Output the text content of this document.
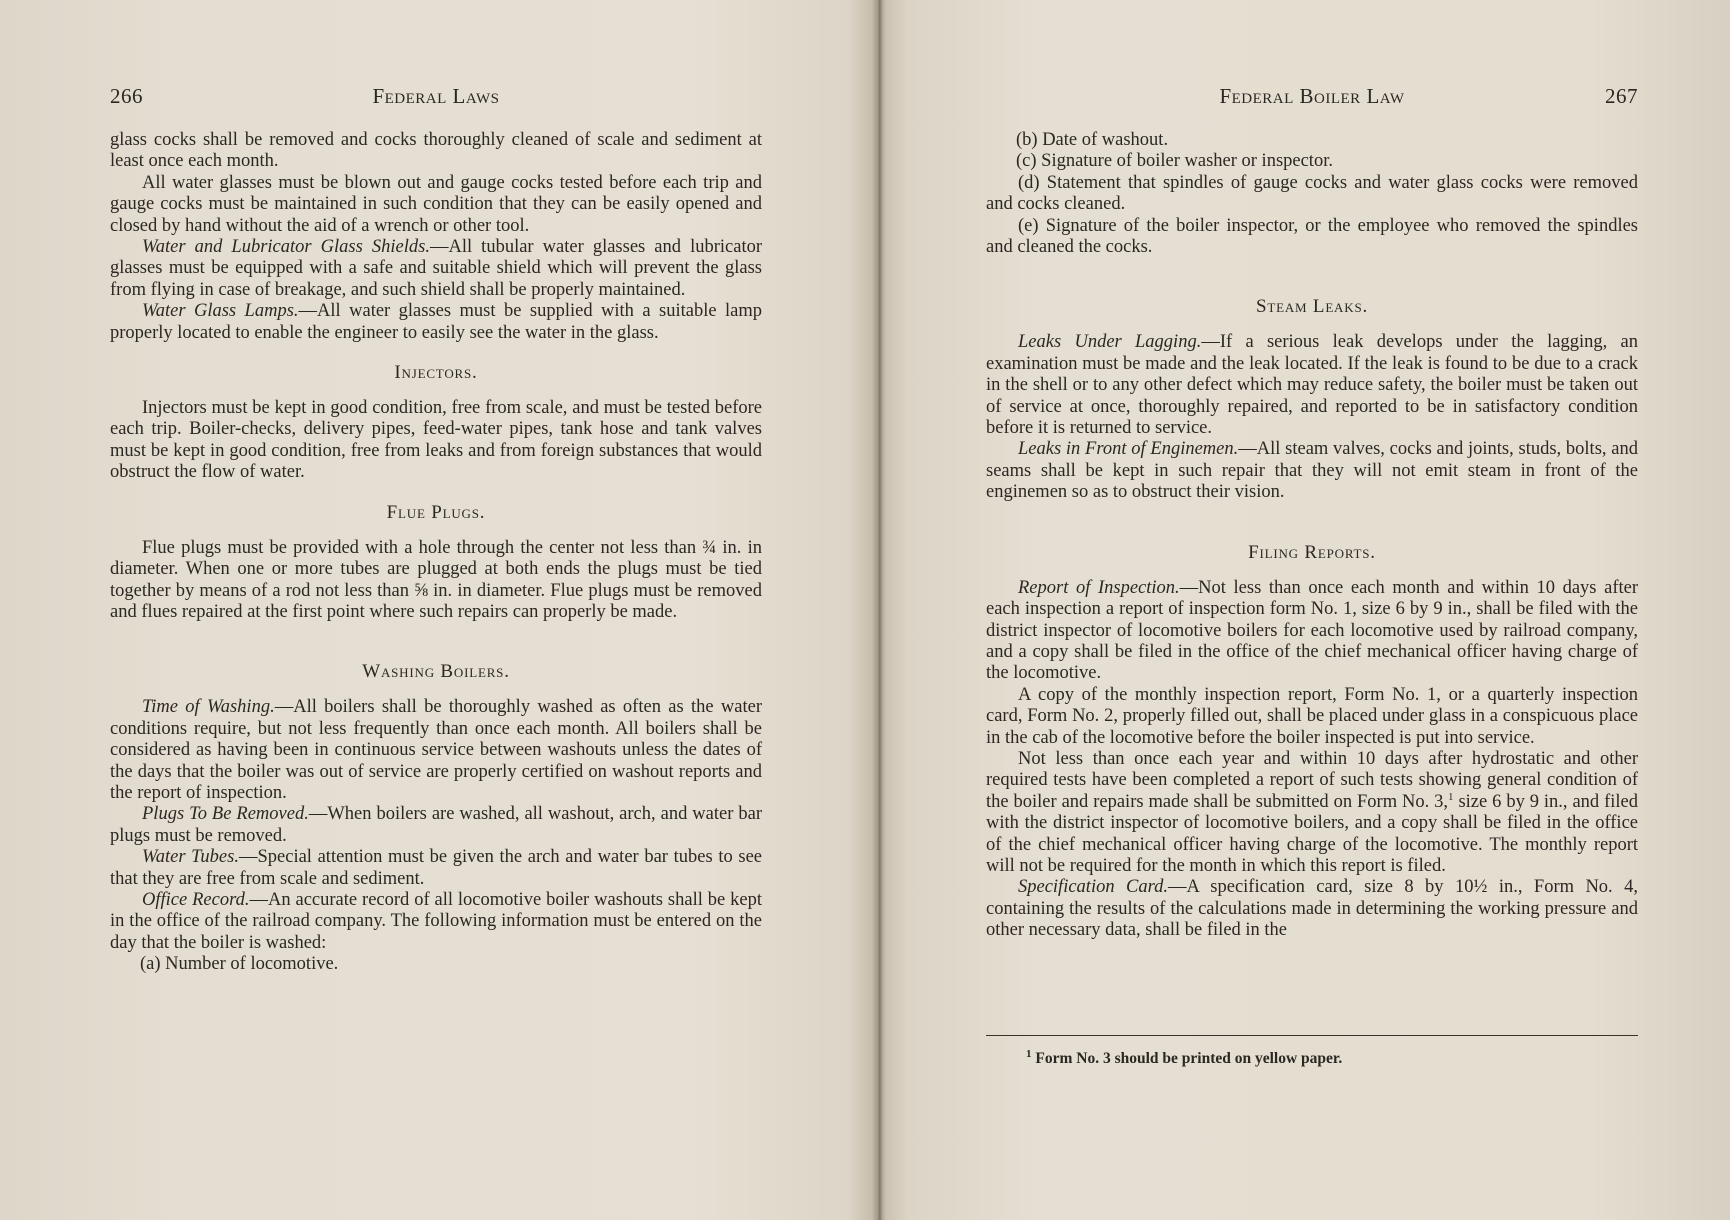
266	Federal Laws

glass cocks shall be removed and cocks thoroughly cleaned of scale and sediment at least once each month.

All water glasses must be blown out and gauge cocks tested before each trip and gauge cocks must be maintained in such condition that they can be easily opened and closed by hand without the aid of a wrench or other tool.

Water and Lubricator Glass Shields.—All tubular water glasses and lubricator glasses must be equipped with a safe and suitable shield which will prevent the glass from flying in case of breakage, and such shield shall be properly maintained.

Water Glass Lamps.—All water glasses must be supplied with a suitable lamp properly located to enable the engineer to easily see the water in the glass.

Injectors.

Injectors must be kept in good condition, free from scale, and must be tested before each trip. Boiler-checks, delivery pipes, feed-water pipes, tank hose and tank valves must be kept in good condition, free from leaks and from foreign substances that would obstruct the flow of water.

Flue Plugs.

Flue plugs must be provided with a hole through the center not less than ¾ in. in diameter. When one or more tubes are plugged at both ends the plugs must be tied together by means of a rod not less than ⅝ in. in diameter. Flue plugs must be removed and flues repaired at the first point where such repairs can properly be made.

Washing Boilers.

Time of Washing.—All boilers shall be thoroughly washed as often as the water conditions require, but not less frequently than once each month. All boilers shall be considered as having been in continuous service between washouts unless the dates of the days that the boiler was out of service are properly certified on washout reports and the report of inspection.

Plugs To Be Removed.—When boilers are washed, all washout, arch, and water bar plugs must be removed.

Water Tubes.—Special attention must be given the arch and water bar tubes to see that they are free from scale and sediment.

Office Record.—An accurate record of all locomotive boiler washouts shall be kept in the office of the railroad company. The following information must be entered on the day that the boiler is washed:

(a) Number of locomotive.

Federal Boiler Law	267

(b) Date of washout.

(c) Signature of boiler washer or inspector.

(d) Statement that spindles of gauge cocks and water glass cocks were removed and cocks cleaned.

(e) Signature of the boiler inspector, or the employee who removed the spindles and cleaned the cocks.

Steam Leaks.

Leaks Under Lagging.—If a serious leak develops under the lagging, an examination must be made and the leak located. If the leak is found to be due to a crack in the shell or to any other defect which may reduce safety, the boiler must be taken out of service at once, thoroughly repaired, and reported to be in satisfactory condition before it is returned to service.

Leaks in Front of Enginemen.—All steam valves, cocks and joints, studs, bolts, and seams shall be kept in such repair that they will not emit steam in front of the enginemen so as to obstruct their vision.

Filing Reports.

Report of Inspection.—Not less than once each month and within 10 days after each inspection a report of inspection form No. 1, size 6 by 9 in., shall be filed with the district inspector of locomotive boilers for each locomotive used by railroad company, and a copy shall be filed in the office of the chief mechanical officer having charge of the locomotive.

A copy of the monthly inspection report, Form No. 1, or a quarterly inspection card, Form No. 2, properly filled out, shall be placed under glass in a conspicuous place in the cab of the locomotive before the boiler inspected is put into service.

Not less than once each year and within 10 days after hydrostatic and other required tests have been completed a report of such tests showing general condition of the boiler and repairs made shall be submitted on Form No. 3,$^1$ size 6 by 9 in., and filed with the district inspector of locomotive boilers, and a copy shall be filed in the office of the chief mechanical officer having charge of the locomotive. The monthly report will not be required for the month in which this report is filed.

Specification Card.—A specification card, size 8 by 10½ in., Form No. 4, containing the results of the calculations made in determining the working pressure and other necessary data, shall be filed in the

$^1$ Form No. 3 should be printed on yellow paper.
